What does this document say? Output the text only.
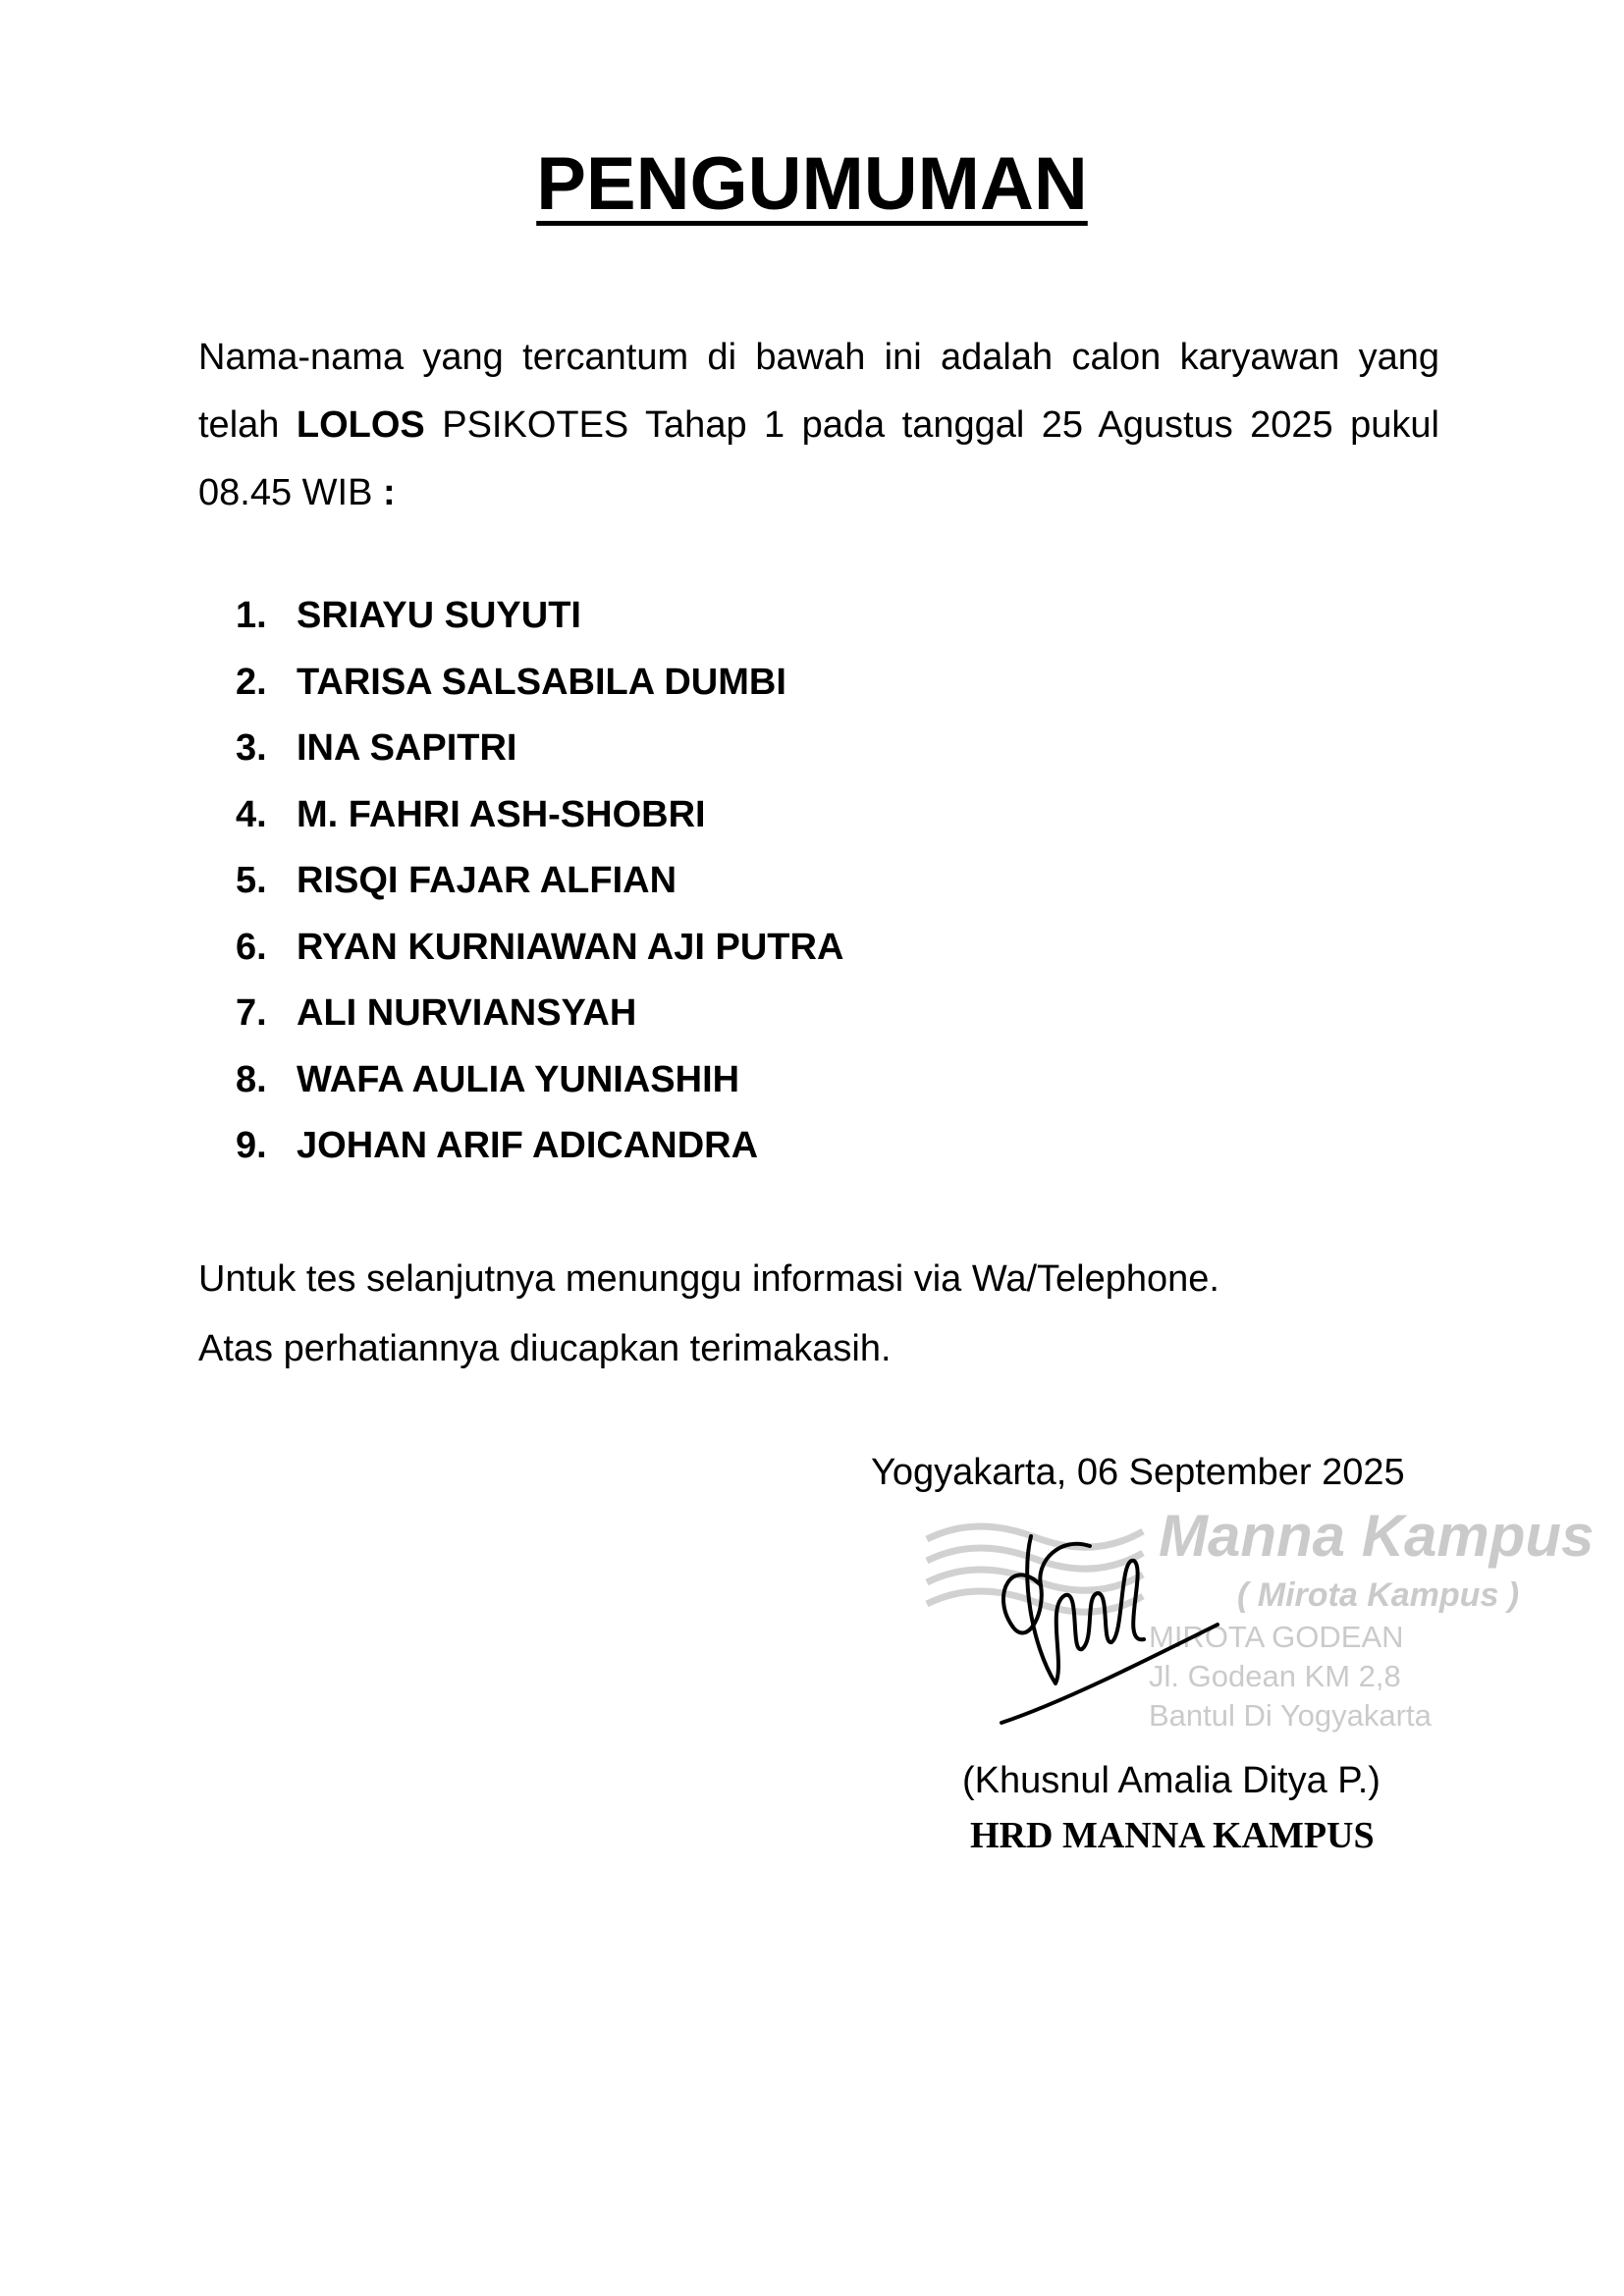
PENGUMUMAN
Nama-nama yang tercantum di bawah ini adalah calon karyawan yang telah LOLOS PSIKOTES Tahap 1 pada tanggal 25 Agustus 2025 pukul 08.45 WIB :
1. SRIAYU SUYUTI
2. TARISA SALSABILA DUMBI
3. INA SAPITRI
4. M. FAHRI ASH-SHOBRI
5. RISQI FAJAR ALFIAN
6. RYAN KURNIAWAN AJI PUTRA
7. ALI NURVIANSYAH
8. WAFA AULIA YUNIASHIH
9. JOHAN ARIF ADICANDRA
Untuk tes selanjutnya menunggu informasi via Wa/Telephone.
Atas perhatiannya diucapkan terimakasih.
Yogyakarta, 06 September 2025
Manna Kampus
( Mirota Kampus )
MIROTA GODEAN
Jl. Godean KM 2,8
Bantul Di Yogyakarta
(Khusnul Amalia Ditya P.)
HRD MANNA KAMPUS
